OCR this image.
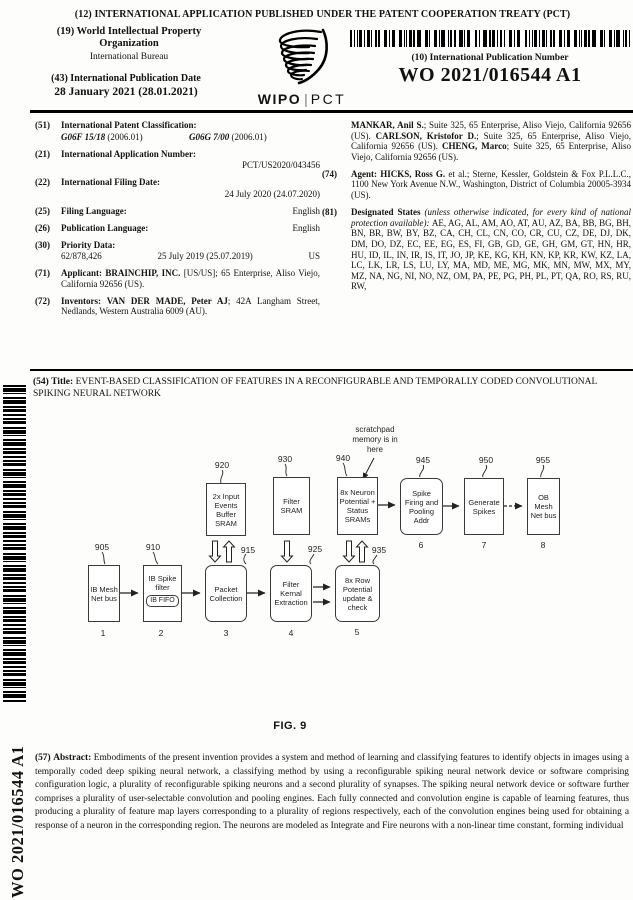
(12) INTERNATIONAL APPLICATION PUBLISHED UNDER THE PATENT COOPERATION TREATY (PCT)
(19) World Intellectual Property
Organization
International Bureau
(43) International Publication Date
28 January 2021 (28.01.2021)	WIPO | PCT
(10) International Publication Number
WO 2021/016544 A1
(51) International Patent Classification:
G06F 15/18 (2006.01)	G06G 7/00 (2006.01)
(21) International Application Number:
PCT/US2020/043456
(22) International Filing Date:
24 July 2020 (24.07.2020)
(25) Filing Language:	English
(26) Publication Language:	English
(30) Priority Data:
62/878,426	25 July 2019 (25.07.2019)	US
(71) Applicant: BRAINCHIP, INC. [US/US]; 65 Enterprise, Aliso Viejo, California 92656 (US).
(72) Inventors: VAN DER MADE, Peter AJ; 42A Langham Street, Nedlands, Western Australia 6009 (AU).
MANKAR, Anil S.; Suite 325, 65 Enterprise, Aliso Viejo, California 92656 (US). CARLSON, Kristofor D.; Suite 325, 65 Enterprise, Aliso Viejo, California 92656 (US). CHENG, Marco; Suite 325, 65 Enterprise, Aliso Viejo, California 92656 (US).
(74) Agent: HICKS, Ross G. et al.; Sterne, Kessler, Goldstein & Fox P.L.L.C., 1100 New York Avenue N.W., Washington, District of Columbia 20005-3934 (US).
(81) Designated States (unless otherwise indicated, for every kind of national protection available): AE, AG, AL, AM, AO, AT, AU, AZ, BA, BB, BG, BH, BN, BR, BW, BY, BZ, CA, CH, CL, CN, CO, CR, CU, CZ, DE, DJ, DK, DM, DO, DZ, EC, EE, EG, ES, FI, GB, GD, GE, GH, GM, GT, HN, HR, HU, ID, IL, IN, IR, IS, IT, JO, JP, KE, KG, KH, KN, KP, KR, KW, KZ, LA, LC, LK, LR, LS, LU, LY, MA, MD, ME, MG, MK, MN, MW, MX, MY, MZ, NA, NG, NI, NO, NZ, OM, PA, PE, PG, PH, PL, PT, QA, RO, RS, RU, RW,
(54) Title: EVENT-BASED CLASSIFICATION OF FEATURES IN A RECONFIGURABLE AND TEMPORALLY CODED CONVOLUTIONAL SPIKING NEURAL NETWORK
scratchpad
memory is in
here
920
930	940	945	950	955
905	910	915	925	935
2x Input Events Buffer SRAM
Filter SRAM
8x Neuron Potential + Status SRAMs
Spike Firing and Pooling Addr
Generate Spikes
OB Mesh Net bus
IB Mesh Net bus
IB Spike filter
IB FIFO
Packet Collection
Filter Kernal Extraction
8x Row Potential update & check
1	2	3	4	5
6	7	8
FIG. 9
(57) Abstract: Embodiments of the present invention provides a system and method of learning and classifying features to identify objects in images using a temporally coded deep spiking neural network, a classifying method by using a reconfigurable spiking neural network device or software comprising configuration logic, a plurality of reconfigurable spiking neurons and a second plurality of synapses. The spiking neural network device or software further comprises a plurality of user-selectable convolution and pooling engines. Each fully connected and convolution engine is capable of learning features, thus producing a plurality of feature map layers corresponding to a plurality of regions respectively, each of the convolution engines being used for obtaining a response of a neuron in the corresponding region. The neurons are modeled as Integrate and Fire neurons with a non-linear time constant, forming individual
WO 2021/016544 A1
